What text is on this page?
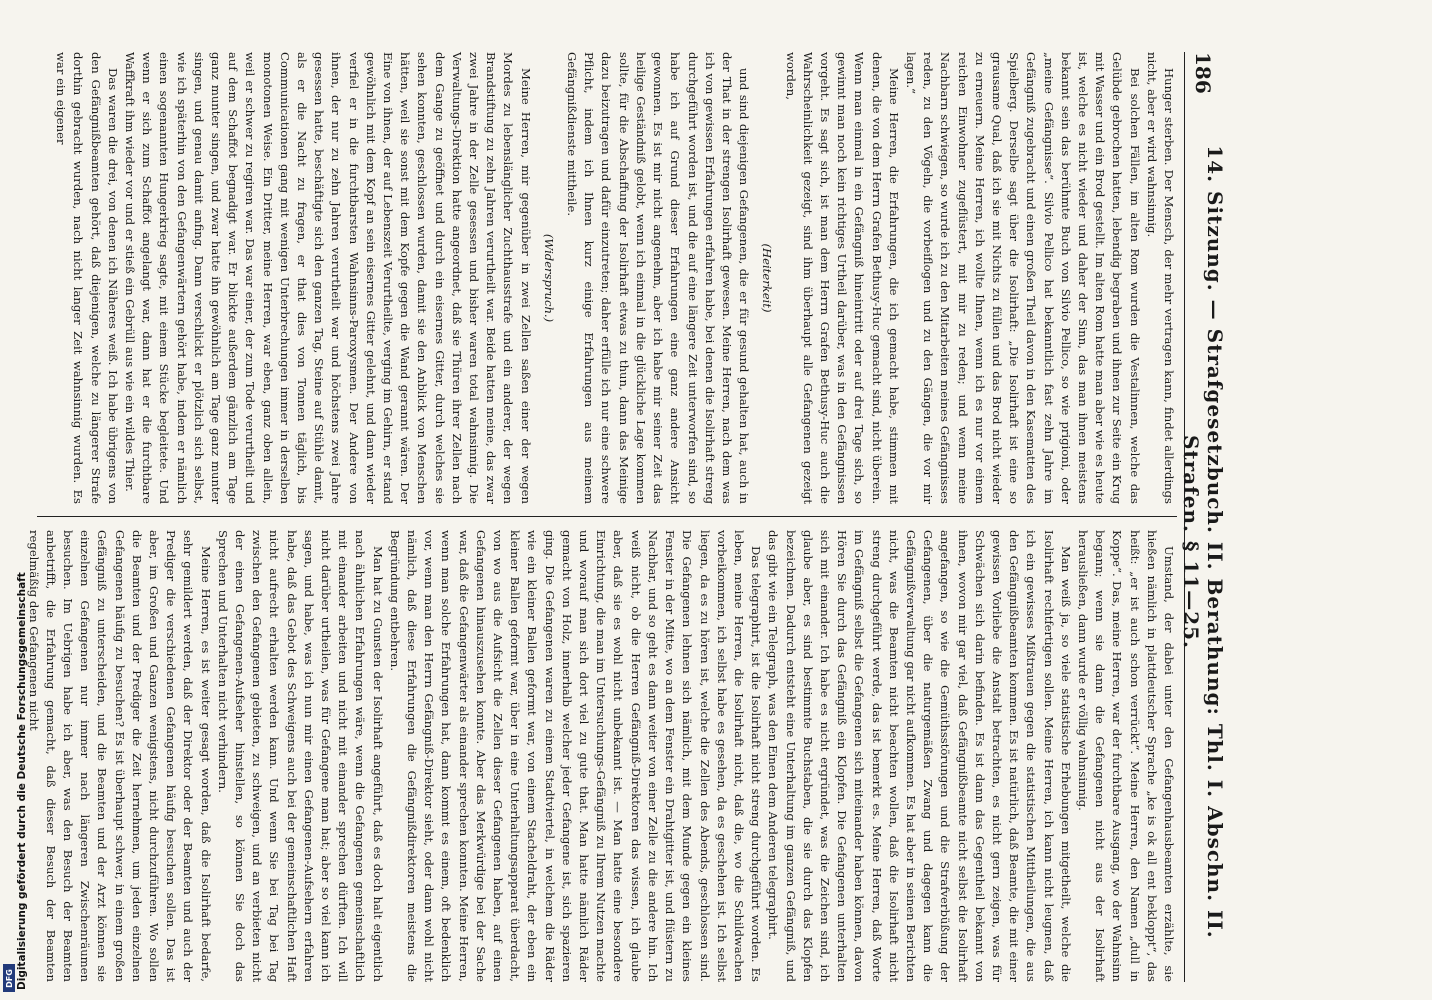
186
14. Sitzung. — Strafgesetzbuch. II. Berathung: Thl. I. Abschn. II. Strafen. § 11—25.

Hunger sterben. Der Mensch, der mehr vertragen kann, findet allerdings nicht, aber er wird wahnsinnig.

Bei solchen Fällen, im alten Rom wurden die Vestalinnen, welche das Gelübde gebrochen hatten, lebendig begraben und ihnen zur Seite ein Krug mit Wasser und ein Brod gestellt. Im alten Rom hatte man aber wie es heute ist, welche es nicht wieder und daher der Sinn, das man ihnen meistens bekannt sein das berühmte Buch von Silvio Pellico, so wie prigioni, oder „meine Gefängnisse“. Silvio Pellico hat bekanntlich fast zehn Jahre im Gefängniß zugebracht und einen großen Theil davon in den Kasematten des Spielberg. Derselbe sagt über die Isolirhaft: „Die Isolirhaft ist eine so grausame Qual, daß ich sie mit Nichts zu füllen und das Brod nicht wieder zu erneuern. Meine Herren, ich wollte Ihnen, wenn ich es nur vor einem reichen Einwohner zugeflüstert, mit mir zu reden; und wenn meine Nachbarn schwiegen, so wurde ich zu den Mitarbeiten meines Gefängnisses reden, zu den Vögeln, die vorbeiflogen und zu den Gängen, die vor mir lagen.“

Meine Herren, die Erfahrungen, die ich gemacht habe, stimmen mit denen, die von dem Herrn Grafen Bethusy-Huc gemacht sind, nicht überein. Wenn man einmal in ein Gefängniß hineintritt oder auf drei Tage sich, so gewinnt man noch kein richtiges Urtheil darüber, was in den Gefängnissen vorgeht. Es sagt sich, ist man dem Herrn Grafen Bethusy-Huc auch die Wahrscheinlichkeit gezeigt, sind ihm überhaupt alle Gefangenen gezeigt worden,

(Heiterkeit)

und sind diejenigen Gefangenen, die er für gesund gehalten hat, auch in der That in der strengen Isolirhaft gewesen. Meine Herren, nach dem was ich von gewissen Erfahrungen erfahren habe, bei denen die Isolirhaft streng durchgeführt worden ist, und die auf eine längere Zeit unterworfen sind, so habe ich auf Grund dieser Erfahrungen eine ganz andere Ansicht gewonnen. Es ist mir nicht angenehm, aber ich habe mir seiner Zeit das heilige Geständniß gelobt, wenn ich einmal in die glückliche Lage kommen sollte, für die Abschaffung der Isolirhaft etwas zu thun, dann das Meinige dazu beizutragen und dafür einzutreten; daher erfülle ich nur eine schwere Pflicht, indem ich Ihnen kurz einige Erfahrungen aus meinem Gefängnißdienste mittheile.

(Widerspruch.)

Meine Herren, mir gegenüber in zwei Zellen saßen einer der wegen Mordes zu lebenslänglicher Zuchthausstrafe und ein anderer, der wegen Brandstiftung zu zehn Jahren verurtheilt war. Beide hatten meine, das zwar zwei Jahre in der Zelle gesessen und bisher waren total wahnsinnig. Die Verwaltungs-Direktion hatte angeordnet, daß sie Thüren ihrer Zellen nach dem Gange zu geöffnet und durch ein eisernes Gitter, durch welches sie sehen konnten, geschlossen wurden, damit sie den Anblick von Menschen hätten, weil sie sonst mit dem Kopfe gegen die Wand gerannt wären. Der Eine von ihnen, der auf Lebenszeit Verurtheilte, verging im Gehirn, er stand gewöhnlich mit dem Kopf an sein eisernes Gitter gelehnt, und dann wieder verfiel er in die furchtbarsten Wahnsinns-Paroxysmen. Der Andere von ihnen, der nur zu zehn Jahren verurtheilt war und höchstens zwei Jahre gesessen hatte, beschäftigte sich den ganzen Tag, Steine auf Stühle damit, als er die Nacht zu fragen, er that dies von Tonnen täglich, bis Communicationen gang mit wenigen Unterbrechungen immer in derselben monotonen Weise. Ein Dritter, meine Herren, war eben, ganz oben allein, weil er schwer zu regiren war. Das war einer, der zum Tode verurtheilt und auf dem Schaffot begnadigt war. Er blickte außerdem gänzlich am Tage ganz munter singen, und zwar hatte ihn gewöhnlich am Tage ganz munter singen, und genau damit anfing. Dann verschlickt er plötzlich sich selbst, wie ich späterhin von den Gefangenwärtern gehört habe, indem er nämlich einen sogenannten Hungerkrieg sagte, mit einem Stücke begleitete. Und wenn er sich zum Schaffot angelangt war, dann hat er die furchtbare Waffkraft ihm wieder vor und er stieß ein Gebrüll aus wie ein wildes Thier.

Das waren die drei, von denen ich Näheres weiß. Ich habe übrigens von den Gefängnißbeamten gehört, daß diejenigen, welche zu längerer Strafe dorthin gebracht wurden, nach nicht langer Zeit wahnsinnig wurden. Es war ein eigener

Umstand, der dabei unter den Gefangenhausbeamten erzählte, sie hießen nämlich in plattdeutscher Sprache „ke is ok all ent bekloppt“, das heißt: „er ist auch schon verrückt“. Meine Herren, den Namen „dull in Koppe“. Das, meine Herren, war der furchtbare Ausgang, wo der Wahnsinn begann; wenn sie dann die Gefangenen nicht aus der Isolirhaft herausließen, dann wurde er völlig wahnsinnig.

Man weiß ja, so viele statistische Erhebungen mitgetheilt, welche die Isolirhaft rechtfertigen sollen. Meine Herren, ich kann nicht leugnen, daß ich ein gewisses Mißtrauen gegen die statistischen Mittheilungen, die aus den Gefängnißbeamten kommen. Es ist natürlich, daß Beamte, die mit einer gewissen Vorliebe die Anstalt betrachten, es nicht gern zeigen, was für Schwächen sich darin befinden. Es ist dann das Gegentheil bekannt von ihnen, wovon mir gar viel, daß Gefängnißbeamte nicht selbst die Isolirhaft angefangen, so wie die Gemüthsstörungen und die Strafverbüßung der Gefangenen, über die naturgemäßen Zwang und dagegen kann die Gefängnißverwaltung gar nicht aufkommen. Es hat aber in seinen Berichten nicht, was die Beamten nicht beachten wollen, daß die Isolirhaft nicht streng durchgeführt werde, das ist bemerkt es. Meine Herren, daß Worte im Gefängniß selbst die Gefangenen sich miteinander haben können, davon Hören Sie durch das Gefängniß ein Klopfen. Die Gefangenen unterhalten sich mit einander. Ich habe es nicht ergründet, was die Zeichen sind, ich glaube aber, es sind bestimmte Buchstaben, die sie durch das Klopfen bezeichnen. Dadurch entsteht eine Unterhaltung im ganzen Gefängniß, und das gibt wie ein Telegraph, was den Einen dem Anderen telegraphirt.

Das telegraphirt, ist die Isolirhaft nicht streng durchgeführt worden. Es leben, meine Herren, die Isolirhaft nicht, daß die, wo die Schildwachen vorbeikommen, ich selbst habe es gesehen, da es geschehen ist. Ich selbst liegen, da es zu hören ist, welche die Zellen des Abends, geschlossen sind. Die Gefangenen lehnen sich nämlich, mit dem Munde gegen ein kleines Fenster in der Mitte, wo an dem Fenster ein Drahtgitter ist, und flüstern zu Nachbar, und so geht es dann weiter von einer Zelle zu die andere hin. Ich weiß nicht, ob die Herren Gefängniß-Direktoren das wissen, ich glaube aber, daß sie es wohl nicht unbekannt ist. — Man hatte eine besondere Einrichtung, die man im Untersuchungs-Gefängniß zu Ihrem Nutzen machte und worauf man sich dort viel zu gute that. Man hatte nämlich Räder gemacht von Holz, innerhalb welcher jeder Gefangene ist, sich spazieren ging. Die Gefangenen waren zu einem Stadtviertel, in welchem die Räder wie ein kleiner Ballen geformt war, von einem Stacheldraht, der eben ein kleiner Ballen geformt war, über in eine Unterhaltungsapparat überdacht, von wo aus die Aufsicht die Zellen dieser Gefangenen haben, auf einen Gefangenen hinauszusehen konnte. Aber das Merkwürdige bei der Sache war, daß die Gefangenwärter als einander sprechen konnten. Meine Herren, wenn man solche Erfahrungen hat, dann kommt es einem, oft bedenklich vor, wenn man den Herrn Gefängniß-Direktor sieht, oder dann wohl nicht nämlich, daß diese Erfahrungen die Gefängnißdirektoren meistens die Begründung entbehren.

Man hat zu Gunsten der Isolirhaft angeführt, daß es doch halt eigentlich nach ähnlichen Erfahrungen wäre, wenn die Gefangenen gemeinschaftlich mit einander arbeiten und nicht mit einander sprechen dürften. Ich will nicht darüber urtheilen, was für Gefangene man hat; aber so viel kann ich sagen, und habe, was ich nun mir einen Gefangenen-Aufsehern erfahren habe, daß das Gebot des Schweigens auch bei der gemeinschaftlichen Haft nicht aufrecht erhalten werden kann. Und wenn Sie bei Tag bei Tag zwischen den Gefangenen gebieten, zu schweigen, und an verbieten nicht der einen Gefangenen-Aufseher hinstellen, so können Sie doch das Sprechen und Unterhalten nicht verhindern.

Meine Herren, es ist weiter gesagt worden, daß die Isolirhaft bedarfe, sehr gemildert werden, daß der Direktor oder der Beamten und auch der Prediger die verschiedenen Gefangenen häufig besuchen sollen. Das ist aber, im Großen und Ganzen wenigstens, nicht durchzuführen. Wo sollen die Beamten und der Prediger die Zeit hernehmen, um jeden einzelnen Gefangenen häufig zu besuchen? Es ist überhaupt schwer, in einem großen Gefängniß zu unterscheiden, und die Beamten und der Arzt können sie einzelnen Gefangenen nur immer nach längeren Zwischenräumen besuchen. Im Uebrigen habe ich aber, was den Besuch der Beamten anbetrifft, die Erfahrung gemacht, daß dieser Besuch der Beamten regelmäßig den Gefangenen nicht

Digitalisierung gefördert durch die Deutsche Forschungsgemeinschaft
DFG
